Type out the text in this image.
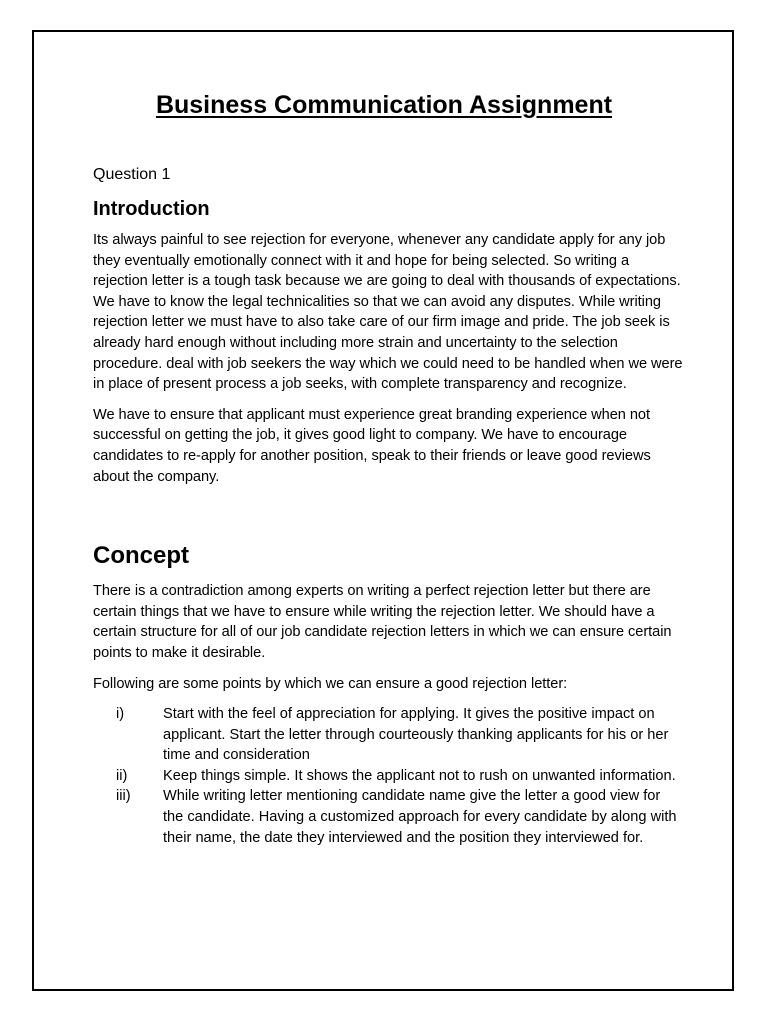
Business Communication Assignment
Question 1
Introduction

Its always painful to see rejection for everyone, whenever any candidate apply for any job they eventually emotionally connect with it and hope for being selected. So writing a rejection letter is a tough task because we are going to deal with thousands of expectations. We have to know the legal technicalities so that we can avoid any disputes. While writing rejection letter we must have to also take care of our firm image and pride. The job seek is already hard enough without including more strain and uncertainty to the selection procedure. deal with job seekers the way which we could need to be handled when we were in place of present process a job seeks, with complete transparency and recognize.

We have to ensure that applicant must experience great branding experience when not successful on getting the job, it gives good light to company. We have to encourage candidates to re-apply for another position, speak to their friends or leave good reviews about the company.

Concept

There is a contradiction among experts on writing a perfect rejection letter but there are certain things that we have to ensure while writing the rejection letter. We should have a certain structure for all of our job candidate rejection letters in which we can ensure certain points to make it desirable.

Following are some points by which we can ensure a good rejection letter:

i)	Start with the feel of appreciation for applying. It gives the positive impact on applicant. Start the letter through courteously thanking applicants for his or her time and consideration
ii)	Keep things simple. It shows the applicant not to rush on unwanted information.
iii)	While writing letter mentioning candidate name give the letter a good view for the candidate. Having a customized approach for every candidate by along with their name, the date they interviewed and the position they interviewed for.
